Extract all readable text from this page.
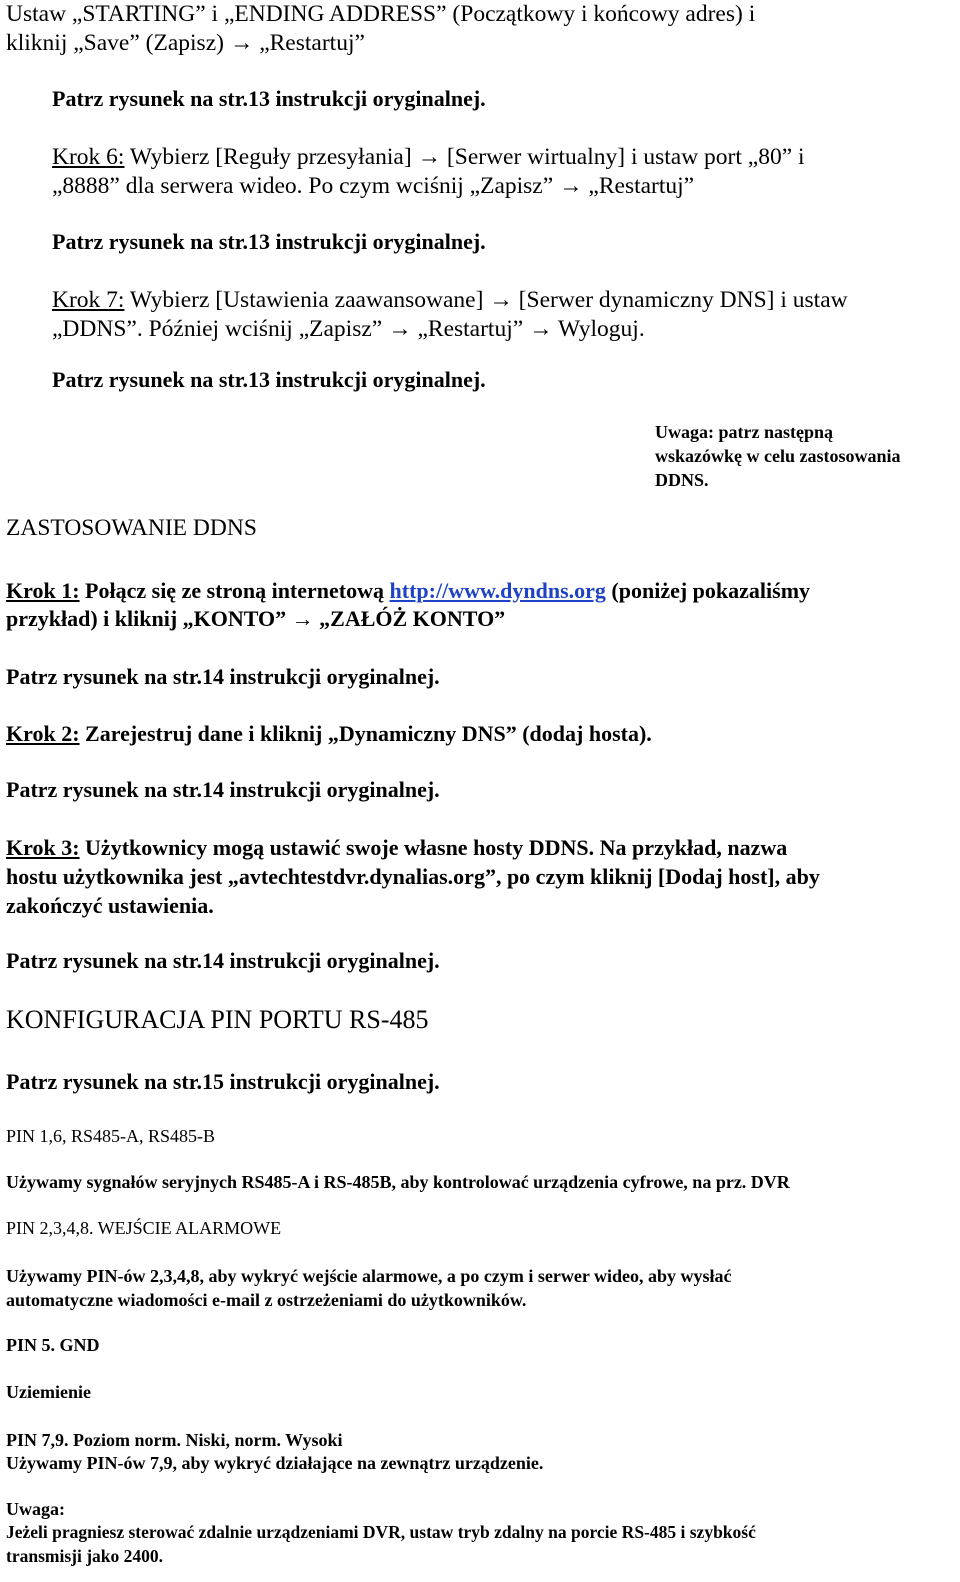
Ustaw „STARTING” i „ENDING ADDRESS” (Początkowy i końcowy adres) i

kliknij „Save” (Zapisz) → „Restartuj”

Patrz rysunek na str.13 instrukcji oryginalnej.

Krok 6: Wybierz [Reguły przesyłania] → [Serwer wirtualny] i ustaw port „80” i

„8888” dla serwera wideo. Po czym wciśnij „Zapisz” → „Restartuj”

Patrz rysunek na str.13 instrukcji oryginalnej.

Krok 7: Wybierz [Ustawienia zaawansowane] → [Serwer dynamiczny DNS] i ustaw

„DDNS”. Później wciśnij „Zapisz” → „Restartuj” → Wyloguj.

Patrz rysunek na str.13 instrukcji oryginalnej.

Uwaga: patrz następną
wskazówkę w celu zastosowania
DDNS.

ZASTOSOWANIE DDNS

Krok 1: Połącz się ze stroną internetową http://www.dyndns.org (poniżej pokazaliśmy

przykład) i kliknij „KONTO” → „ZAŁÓŻ KONTO”

Patrz rysunek na str.14 instrukcji oryginalnej.

Krok 2: Zarejestruj dane i kliknij „Dynamiczny DNS” (dodaj hosta).

Patrz rysunek na str.14 instrukcji oryginalnej.

Krok 3: Użytkownicy mogą ustawić swoje własne hosty DDNS. Na przykład, nazwa

hostu użytkownika jest „avtechtestdvr.dynalias.org”, po czym kliknij [Dodaj host], aby

zakończyć ustawienia.

Patrz rysunek na str.14 instrukcji oryginalnej.

KONFIGURACJA PIN PORTU RS-485

Patrz rysunek na str.15 instrukcji oryginalnej.

PIN 1,6, RS485-A, RS485-B

Używamy sygnałów seryjnych RS485-A i RS-485B, aby kontrolować urządzenia cyfrowe, na prz. DVR

PIN 2,3,4,8. WEJŚCIE ALARMOWE

Używamy PIN-ów 2,3,4,8, aby wykryć wejście alarmowe, a po czym i serwer wideo, aby wysłać

automatyczne wiadomości e-mail z ostrzeżeniami do użytkowników.

PIN 5. GND

Uziemienie

PIN 7,9. Poziom norm. Niski, norm. Wysoki

Używamy PIN-ów 7,9, aby wykryć działające na zewnątrz urządzenie.

Uwaga:

Jeżeli pragniesz sterować zdalnie urządzeniami DVR, ustaw tryb zdalny na porcie RS-485 i szybkość

transmisji jako 2400.
